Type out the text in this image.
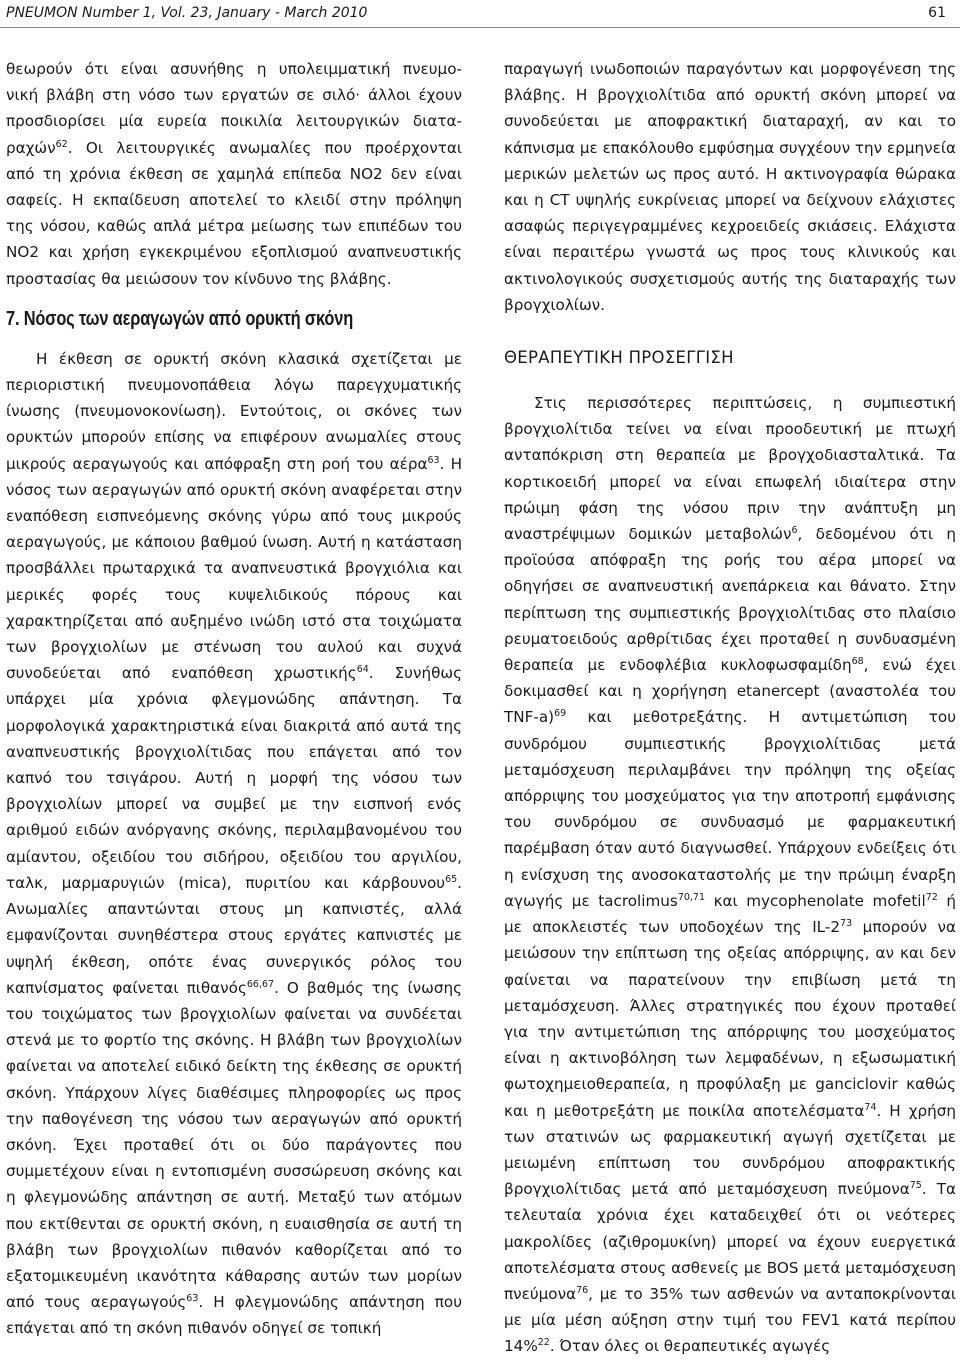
PNEUMON Number 1, Vol. 23, January - March 2010	61

θεωρούν ότι είναι ασυνήθης η υπολειμματική πνευμο-

νική βλάβη στη νόσο των εργατών σε σιλό· άλλοι έχουν

προσδιορίσει μία ευρεία ποικιλία λειτουργικών διατα-

ραχών$^{62}$. Οι λειτουργικές ανωμαλίες που προέρχονται

από τη χρόνια έκθεση σε χαμηλά επίπεδα ΝΟ2 δεν είναι

σαφείς. Η εκπαίδευση αποτελεί το κλειδί στην πρόληψη

της νόσου, καθώς απλά μέτρα μείωσης των επιπέδων του

ΝΟ2 και χρήση εγκεκριμένου εξοπλισμού αναπνευστικής

προστασίας θα μειώσουν τον κίνδυνο της βλάβης.

7. Νόσος των αεραγωγών από ορυκτή σκόνη

Η έκθεση σε ορυκτή σκόνη κλασικά σχετίζεται με περιοριστική πνευμονοπάθεια λόγω παρεγχυματικής ίνωσης (πνευμονοκονίωση). Εντούτοις, οι σκόνες των ορυκτών μπορούν επίσης να επιφέρουν ανωμαλίες στους μικρούς αεραγωγούς και απόφραξη στη ροή του αέρα$^{63}$. Η νόσος των αεραγωγών από ορυκτή σκόνη αναφέρεται στην εναπόθεση εισπνεόμενης σκόνης γύρω από τους μικρούς αεραγωγούς, με κάποιου βαθμού ίνωση. Αυτή η κατάσταση προσβάλλει πρωταρχικά τα αναπνευστικά βρογχιόλια και μερικές φορές τους κυψελιδικούς πόρους και χαρακτηρίζεται από αυξημένο ινώδη ιστό στα τοιχώματα των βρογχιολίων με στένωση του αυλού και συχνά συνοδεύεται από εναπόθεση χρωστικής$^{64}$. Συνήθως υπάρχει μία χρόνια φλεγμονώδης απάντηση. Τα μορφολογικά χαρακτηριστικά είναι διακριτά από αυτά της αναπνευστικής βρογχιολίτιδας που επάγεται από τον καπνό του τσιγάρου. Αυτή η μορφή της νόσου των βρογχιολίων μπορεί να συμβεί με την εισπνοή ενός αριθμού ειδών ανόργανης σκόνης, περιλαμβανομένου του αμίαντου, οξειδίου του σιδήρου, οξειδίου του αργιλίου, ταλκ, μαρμαρυγιών (mica), πυριτίου και κάρβουνου$^{65}$. Ανωμαλίες απαντώνται στους μη καπνιστές, αλλά εμφανίζονται συνηθέστερα στους εργάτες καπνιστές με υψηλή έκθεση, οπότε ένας συνεργικός ρόλος του καπνίσματος φαίνεται πιθανός$^{66,67}$. Ο βαθμός της ίνωσης του τοιχώματος των βρογχιολίων φαίνεται να συνδέεται στενά με το φορτίο της σκόνης. Η βλάβη των βρογχιολίων φαίνεται να αποτελεί ειδικό δείκτη της έκθεσης σε ορυκτή σκόνη. Υπάρχουν λίγες διαθέσιμες πληροφορίες ως προς την παθογένεση της νόσου των αεραγωγών από ορυκτή σκόνη. Έχει προταθεί ότι οι δύο παράγοντες που συμμετέχουν είναι η εντοπισμένη συσσώρευση σκόνης και η φλεγμονώδης απάντηση σε αυτή. Μεταξύ των ατόμων που εκτίθενται σε ορυκτή σκόνη, η ευαισθησία σε αυτή τη βλάβη των βρογχιολίων πιθανόν καθορίζεται από το εξατομικευμένη ικανότητα κάθαρσης αυτών των μορίων από τους αεραγωγούς$^{63}$. Η φλεγμονώδης απάντηση που επάγεται από τη σκόνη πιθανόν οδηγεί σε τοπική

παραγωγή ινωδοποιών παραγόντων και μορφογένεση της βλάβης. Η βρογχιολίτιδα από ορυκτή σκόνη μπορεί να συνοδεύεται με αποφρακτική διαταραχή, αν και το κάπνισμα με επακόλουθο εμφύσημα συγχέουν την ερμηνεία μερικών μελετών ως προς αυτό. Η ακτινογραφία θώρακα και η CT υψηλής ευκρίνειας μπορεί να δείχνουν ελάχιστες ασαφώς περιγεγραμμένες κεχροειδείς σκιάσεις. Ελάχιστα είναι περαιτέρω γνωστά ως προς τους κλινικούς και ακτινολογικούς συσχετισμούς αυτής της διαταραχής των βρογχιολίων.

ΘΕΡΑΠΕΥΤΙΚΗ ΠΡΟΣΕΓΓΙΣΗ

Στις περισσότερες περιπτώσεις, η συμπιεστική βρογχιολίτιδα τείνει να είναι προοδευτική με πτωχή ανταπόκριση στη θεραπεία με βρογχοδιασταλτικά. Τα κορτικοειδή μπορεί να είναι επωφελή ιδιαίτερα στην πρώιμη φάση της νόσου πριν την ανάπτυξη μη αναστρέψιμων δομικών μεταβολών$^6$, δεδομένου ότι η προϊούσα απόφραξη της ροής του αέρα μπορεί να οδηγήσει σε αναπνευστική ανεπάρκεια και θάνατο. Στην περίπτωση της συμπιεστικής βρογχιολίτιδας στο πλαίσιο ρευματοειδούς αρθρίτιδας έχει προταθεί η συνδυασμένη θεραπεία με ενδοφλέβια κυκλοφωσφαμίδη$^{68}$, ενώ έχει δοκιμασθεί και η χορήγηση etanercept (αναστολέα του TNF-a)$^{69}$ και μεθοτρεξάτης. Η αντιμετώπιση του συνδρόμου συμπιεστικής βρογχιολίτιδας μετά μεταμόσχευση περιλαμβάνει την πρόληψη της οξείας απόρριψης του μοσχεύματος για την αποτροπή εμφάνισης του συνδρόμου σε συνδυασμό με φαρμακευτική παρέμβαση όταν αυτό διαγνωσθεί. Υπάρχουν ενδείξεις ότι η ενίσχυση της ανοσοκαταστολής με την πρώιμη έναρξη αγωγής με tacrolimus$^{70,71}$ και mycophenolate mofetil$^{72}$ ή με αποκλειστές των υποδοχέων της $IL-2^{73}$ μπορούν να μειώσουν την επίπτωση της οξείας απόρριψης, αν και δεν φαίνεται να παρατείνουν την επιβίωση μετά τη μεταμόσχευση. Άλλες στρατηγικές που έχουν προταθεί για την αντιμετώπιση της απόρριψης του μοσχεύματος είναι η ακτινοβόληση των λεμφαδένων, η εξωσωματική φωτοχημειοθεραπεία, η προφύλαξη με ganciclovir καθώς και η μεθοτρεξάτη με ποικίλα αποτελέσματα$^{74}$. Η χρήση των στατινών ως φαρμακευτική αγωγή σχετίζεται με μειωμένη επίπτωση του συνδρόμου αποφρακτικής βρογχιολίτιδας μετά από μεταμόσχευση πνεύμονα$^{75}$. Τα τελευταία χρόνια έχει καταδειχθεί ότι οι νεότερες μακρολίδες (αζιθρομυκίνη) μπορεί να έχουν ευεργετικά αποτελέσματα στους ασθενείς με BOS μετά μεταμόσχευση πνεύμονα$^{76}$, με το 35% των ασθενών να ανταποκρίνονται με μία μέση αύξηση στην τιμή του FEV1 κατά περίπου 14%$^{22}$. Όταν όλες οι θεραπευτικές αγωγές
